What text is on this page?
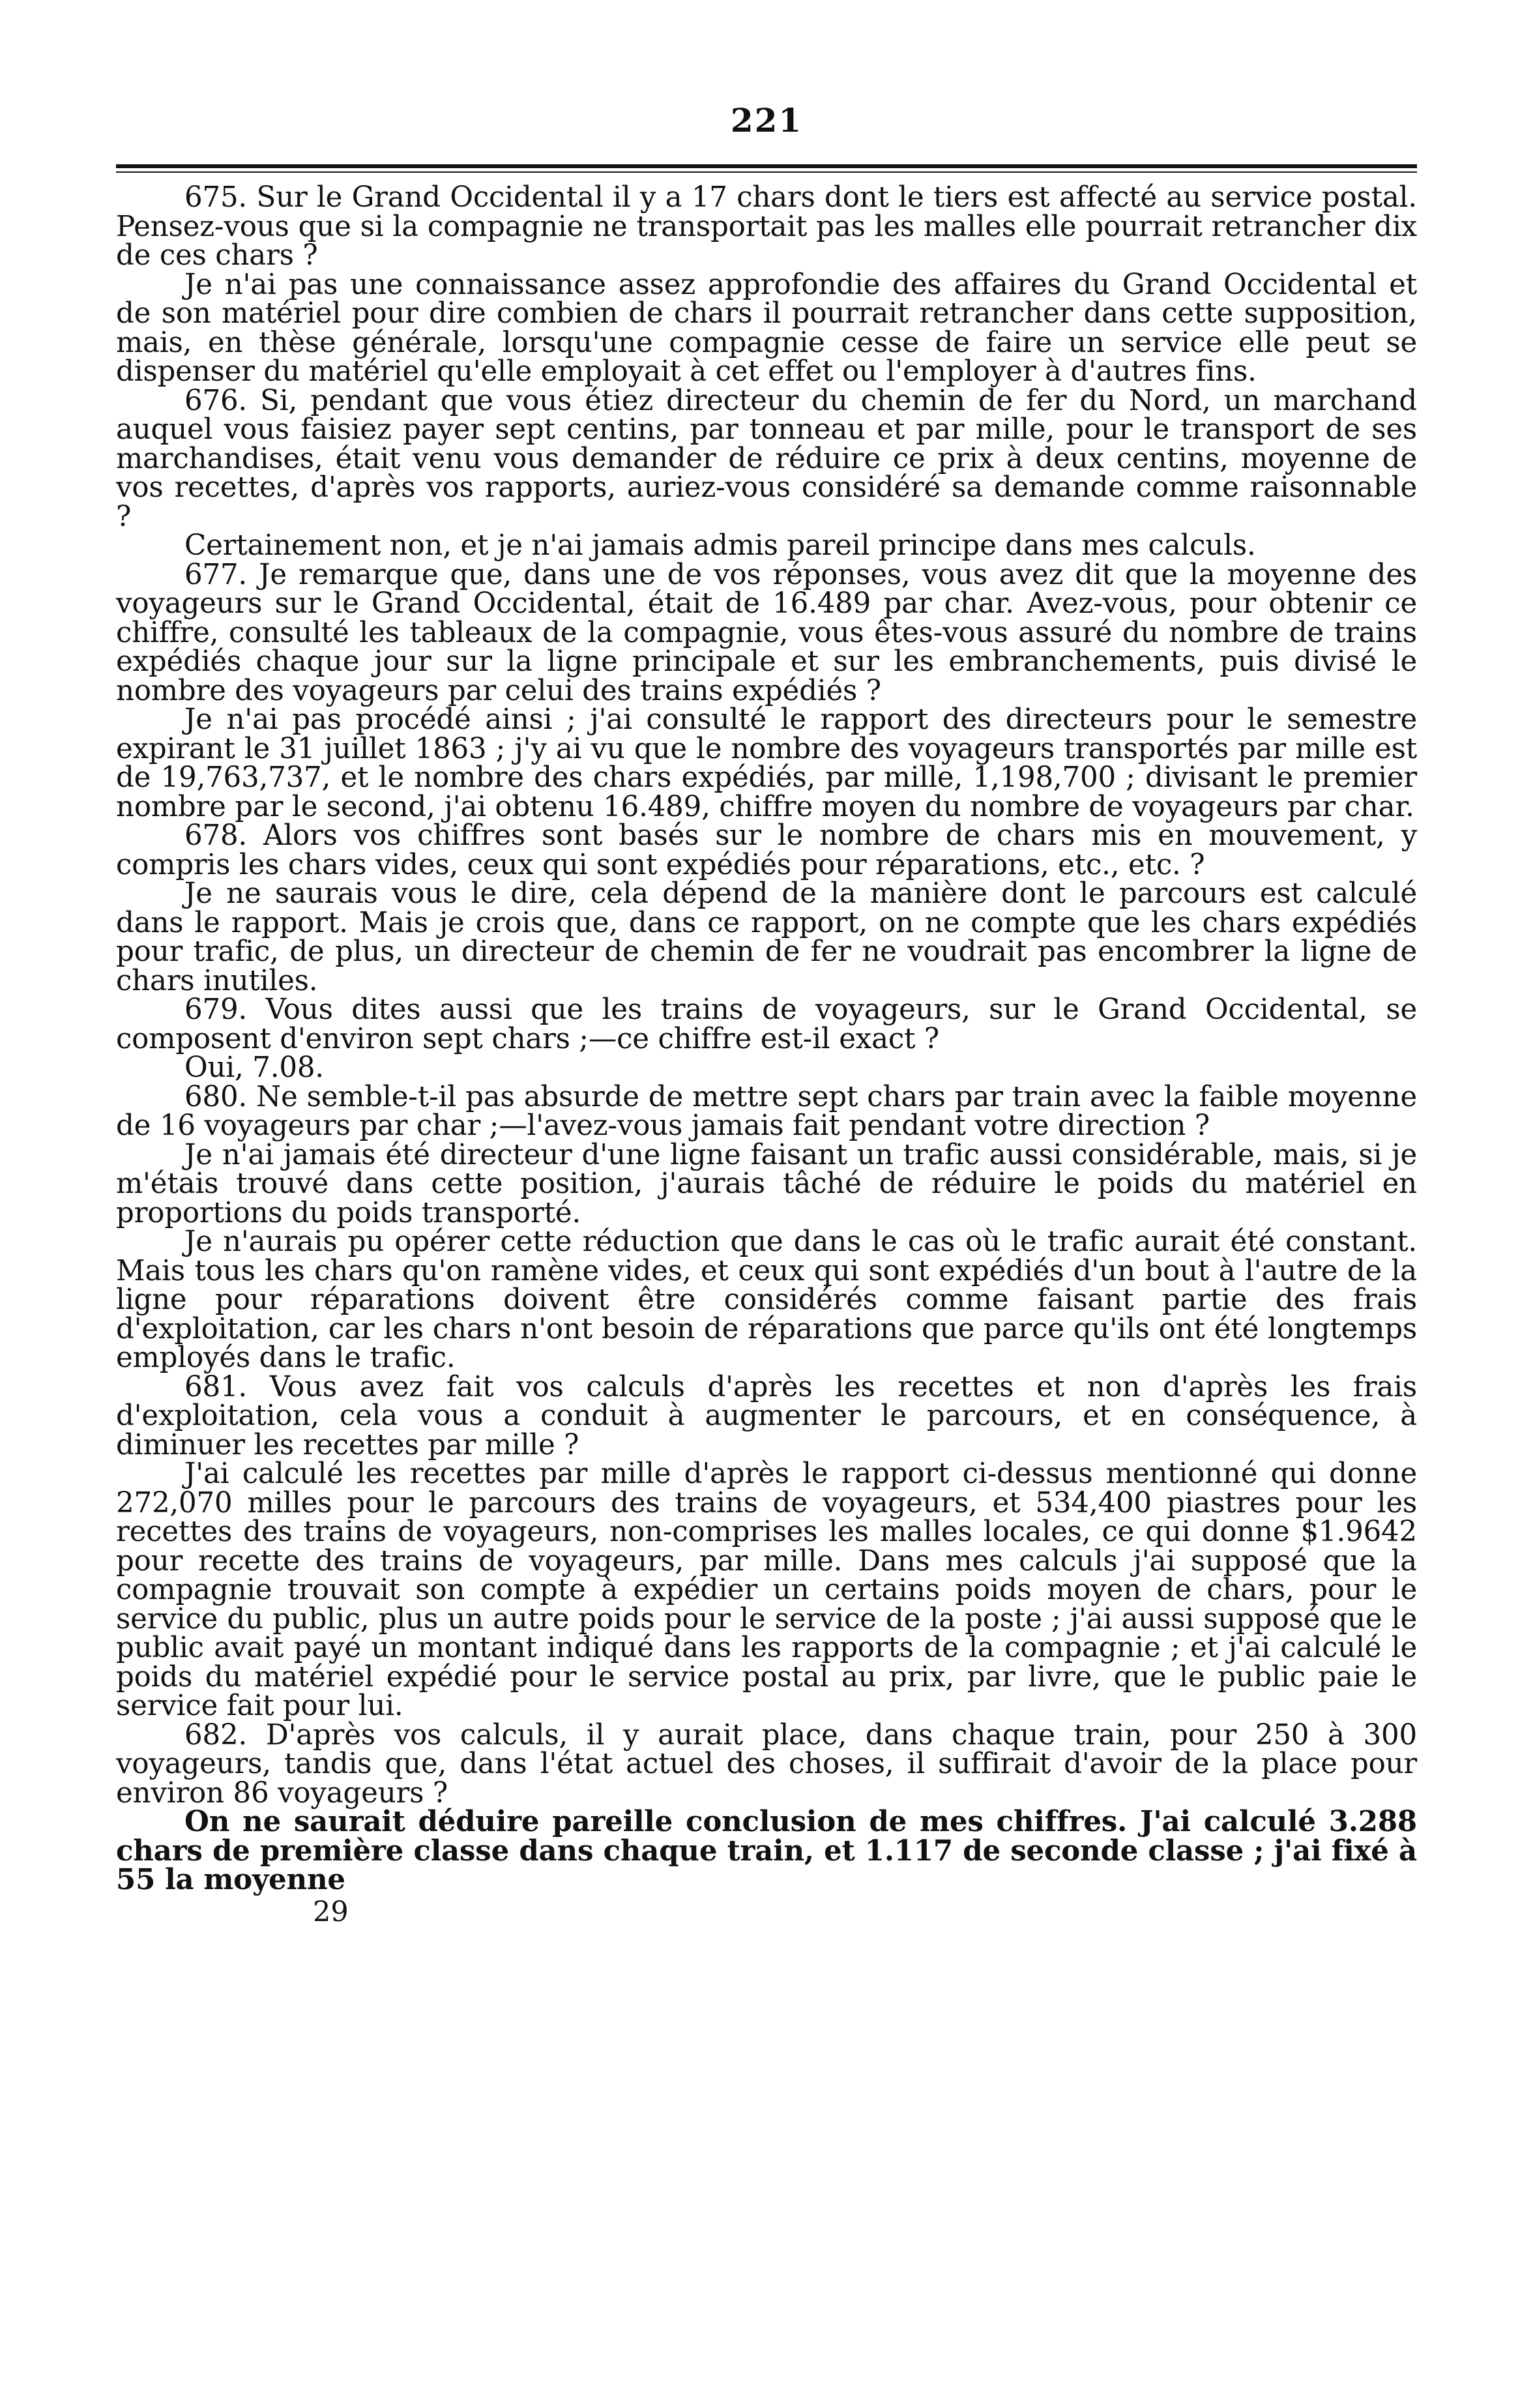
221

675. Sur le Grand Occidental il y a 17 chars dont le tiers est affecté au service postal. Pensez-vous que si la compagnie ne transportait pas les malles elle pourrait retrancher dix de ces chars ?

Je n'ai pas une connaissance assez approfondie des affaires du Grand Occidental et de son matériel pour dire combien de chars il pourrait retrancher dans cette supposition, mais, en thèse générale, lorsqu'une compagnie cesse de faire un service elle peut se dispenser du matériel qu'elle employait à cet effet ou l'employer à d'autres fins.

676. Si, pendant que vous étiez directeur du chemin de fer du Nord, un marchand auquel vous faisiez payer sept centins, par tonneau et par mille, pour le transport de ses marchandises, était venu vous demander de réduire ce prix à deux centins, moyenne de vos recettes, d'après vos rapports, auriez-vous considéré sa demande comme raisonnable ?

Certainement non, et je n'ai jamais admis pareil principe dans mes calculs.

677. Je remarque que, dans une de vos réponses, vous avez dit que la moyenne des voyageurs sur le Grand Occidental, était de 16.489 par char. Avez-vous, pour obtenir ce chiffre, consulté les tableaux de la compagnie, vous êtes-vous assuré du nombre de trains expédiés chaque jour sur la ligne principale et sur les embranchements, puis divisé le nombre des voyageurs par celui des trains expédiés ?

Je n'ai pas procédé ainsi ; j'ai consulté le rapport des directeurs pour le semestre expirant le 31 juillet 1863 ; j'y ai vu que le nombre des voyageurs transportés par mille est de 19,763,737, et le nombre des chars expédiés, par mille, 1,198,700 ; divisant le premier nombre par le second, j'ai obtenu 16.489, chiffre moyen du nombre de voyageurs par char.

678. Alors vos chiffres sont basés sur le nombre de chars mis en mouvement, y compris les chars vides, ceux qui sont expédiés pour réparations, etc., etc. ?

Je ne saurais vous le dire, cela dépend de la manière dont le parcours est calculé dans le rapport. Mais je crois que, dans ce rapport, on ne compte que les chars expédiés pour trafic, de plus, un directeur de chemin de fer ne voudrait pas encombrer la ligne de chars inutiles.

679. Vous dites aussi que les trains de voyageurs, sur le Grand Occidental, se composent d'environ sept chars ;—ce chiffre est-il exact ?

Oui, 7.08.

680. Ne semble-t-il pas absurde de mettre sept chars par train avec la faible moyenne de 16 voyageurs par char ;—l'avez-vous jamais fait pendant votre direction ?

Je n'ai jamais été directeur d'une ligne faisant un trafic aussi considérable, mais, si je m'étais trouvé dans cette position, j'aurais tâché de réduire le poids du matériel en proportions du poids transporté.

Je n'aurais pu opérer cette réduction que dans le cas où le trafic aurait été constant. Mais tous les chars qu'on ramène vides, et ceux qui sont expédiés d'un bout à l'autre de la ligne pour réparations doivent être considérés comme faisant partie des frais d'exploitation, car les chars n'ont besoin de réparations que parce qu'ils ont été longtemps employés dans le trafic.

681. Vous avez fait vos calculs d'après les recettes et non d'après les frais d'exploitation, cela vous a conduit à augmenter le parcours, et en conséquence, à diminuer les recettes par mille ?

J'ai calculé les recettes par mille d'après le rapport ci-dessus mentionné qui donne 272,070 milles pour le parcours des trains de voyageurs, et 534,400 piastres pour les recettes des trains de voyageurs, non-comprises les malles locales, ce qui donne $1.9642 pour recette des trains de voyageurs, par mille. Dans mes calculs j'ai supposé que la compagnie trouvait son compte à expédier un certains poids moyen de chars, pour le service du public, plus un autre poids pour le service de la poste ; j'ai aussi supposé que le public avait payé un montant indiqué dans les rapports de la compagnie ; et j'ai calculé le poids du matériel expédié pour le service postal au prix, par livre, que le public paie le service fait pour lui.

682. D'après vos calculs, il y aurait place, dans chaque train, pour 250 à 300 voyageurs, tandis que, dans l'état actuel des choses, il suffirait d'avoir de la place pour environ 86 voyageurs ?

On ne saurait déduire pareille conclusion de mes chiffres. J'ai calculé 3.288 chars de première classe dans chaque train, et 1.117 de seconde classe ; j'ai fixé à 55 la moyenne

29
